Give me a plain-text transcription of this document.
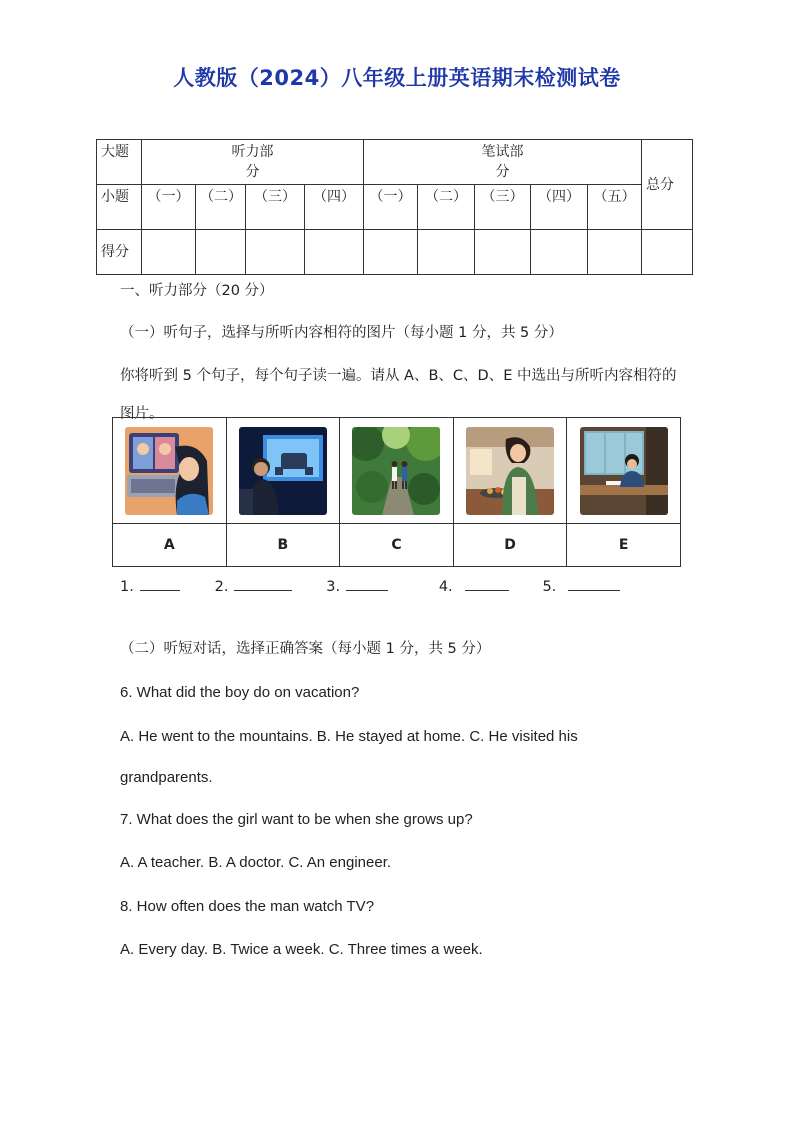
人教版（2024）八年级上册英语期末检测试卷
大题	听力部分				笔试部分					总分
小题	（一）	（二）	（三）	（四）	（一）	（二）	（三）	（四）	（五）	
得分										
一、听力部分（20 分）
（一）听句子，选择与所听内容相符的图片（每小题 1 分，共 5 分）
你将听到 5 个句子，每个句子读一遍。请从 A、B、C、D、E 中选出与所听内容相符的图片。

A	B	C	D	E
1.	2.	3.	4.	5.
（二）听短对话，选择正确答案（每小题 1 分，共 5 分）
6. What did the boy do on vacation?
A. He went to the mountains. B. He stayed at home. C. He visited his
grandparents.
7. What does the girl want to be when she grows up?
A. A teacher. B. A doctor. C. An engineer.
8. How often does the man watch TV?
A. Every day. B. Twice a week. C. Three times a week.
